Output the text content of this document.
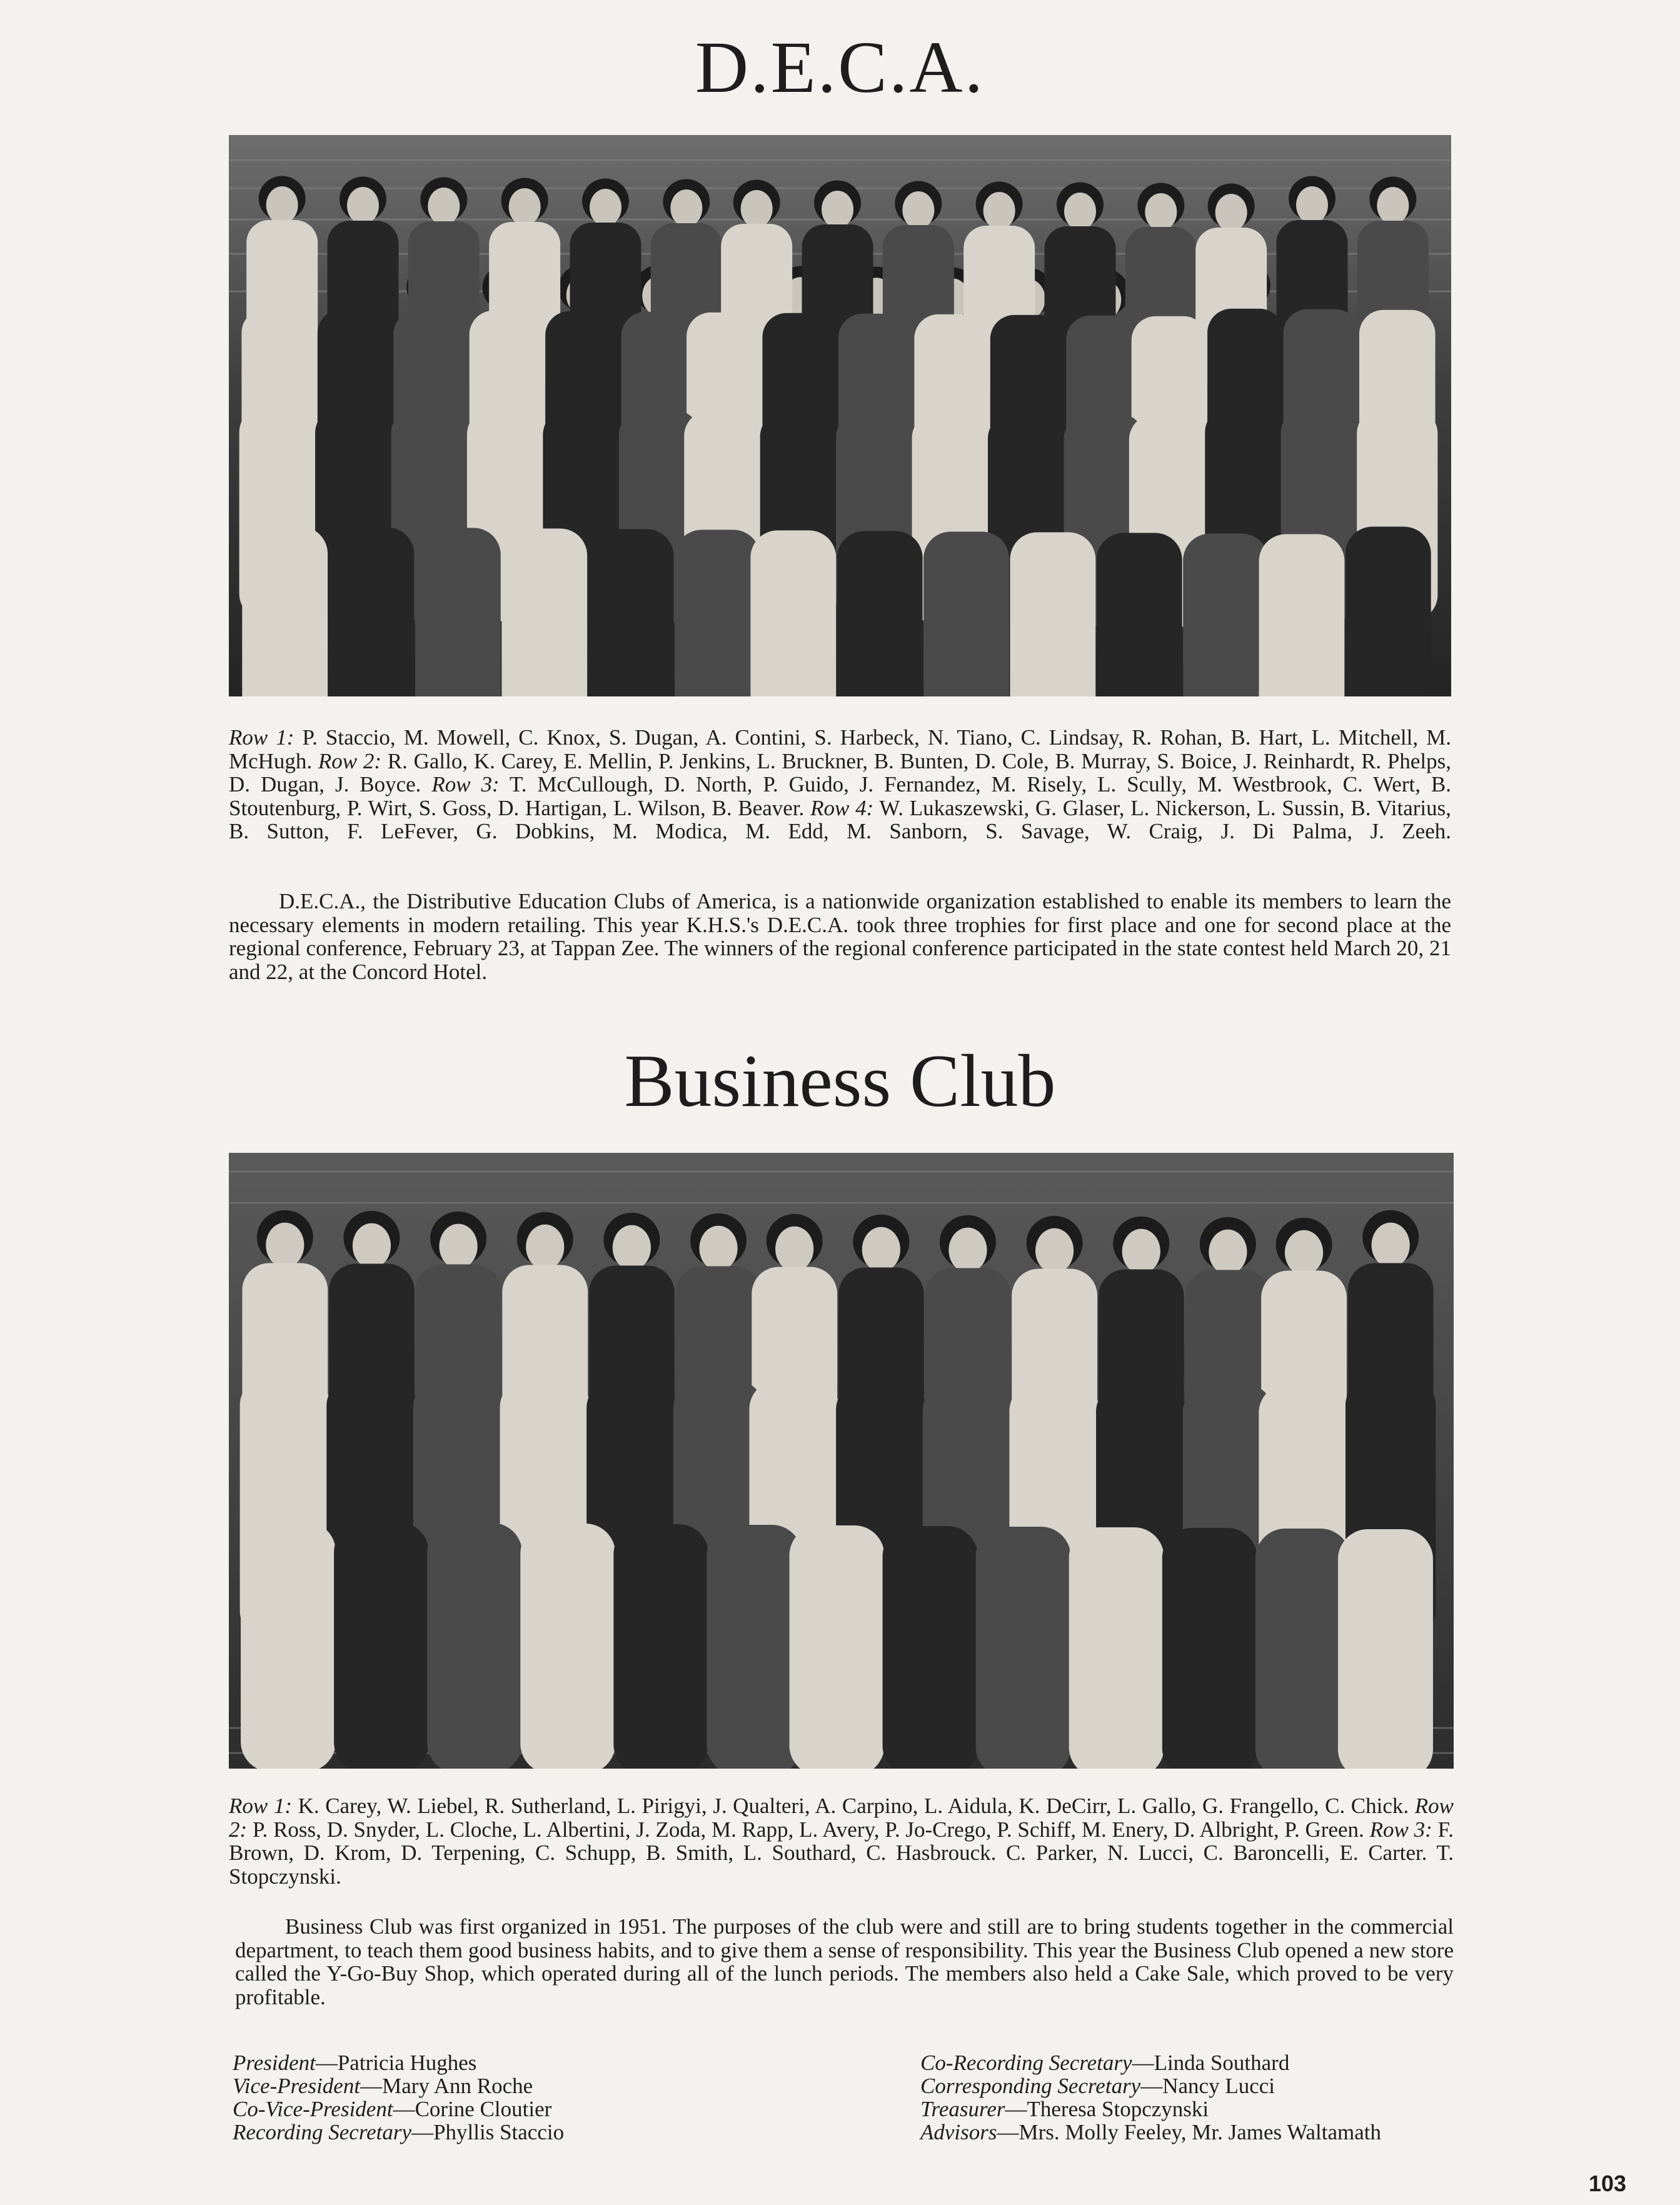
D.E.C.A.

Row 1: P. Staccio, M. Mowell, C. Knox, S. Dugan, A. Contini, S. Harbeck, N. Tiano, C. Lindsay, R. Rohan, B. Hart, L. Mitchell, M. McHugh. Row 2: R. Gallo, K. Carey, E. Mellin, P. Jenkins, L. Bruckner, B. Bunten, D. Cole, B. Murray, S. Boice, J. Reinhardt, R. Phelps, D. Dugan, J. Boyce. Row 3: T. McCullough, D. North, P. Guido, J. Fernandez, M. Risely, L. Scully, M. Westbrook, C. Wert, B. Stoutenburg, P. Wirt, S. Goss, D. Hartigan, L. Wilson, B. Beaver. Row 4: W. Lukaszewski, G. Glaser, L. Nickerson, L. Sussin, B. Vitarius, B. Sutton, F. LeFever, G. Dobkins, M. Modica, M. Edd, M. Sanborn, S. Savage, W. Craig, J. Di Palma, J. Zeeh.

D.E.C.A., the Distributive Education Clubs of America, is a nationwide organization established to enable its members to learn the necessary elements in modern retailing. This year K.H.S.'s D.E.C.A. took three trophies for first place and one for second place at the regional conference, February 23, at Tappan Zee. The winners of the regional conference participated in the state contest held March 20, 21 and 22, at the Concord Hotel.

Business Club

Row 1: K. Carey, W. Liebel, R. Sutherland, L. Pirigyi, J. Qualteri, A. Carpino, L. Aidula, K. DeCirr, L. Gallo, G. Frangello, C. Chick. Row 2: P. Ross, D. Snyder, L. Cloche, L. Albertini, J. Zoda, M. Rapp, L. Avery, P. Jo-Crego, P. Schiff, M. Enery, D. Albright, P. Green. Row 3: F. Brown, D. Krom, D. Terpening, C. Schupp, B. Smith, L. Southard, C. Hasbrouck. C. Parker, N. Lucci, C. Baroncelli, E. Carter. T. Stopczynski.

Business Club was first organized in 1951. The purposes of the club were and still are to bring students together in the commercial department, to teach them good business habits, and to give them a sense of responsibility. This year the Business Club opened a new store called the Y-Go-Buy Shop, which operated during all of the lunch periods. The members also held a Cake Sale, which proved to be very profitable.

President—Patricia Hughes
Vice-President—Mary Ann Roche
Co-Vice-President—Corine Cloutier
Recording Secretary—Phyllis Staccio
Co-Recording Secretary—Linda Southard
Corresponding Secretary—Nancy Lucci
Treasurer—Theresa Stopczynski
Advisors—Mrs. Molly Feeley, Mr. James Waltamath
103
